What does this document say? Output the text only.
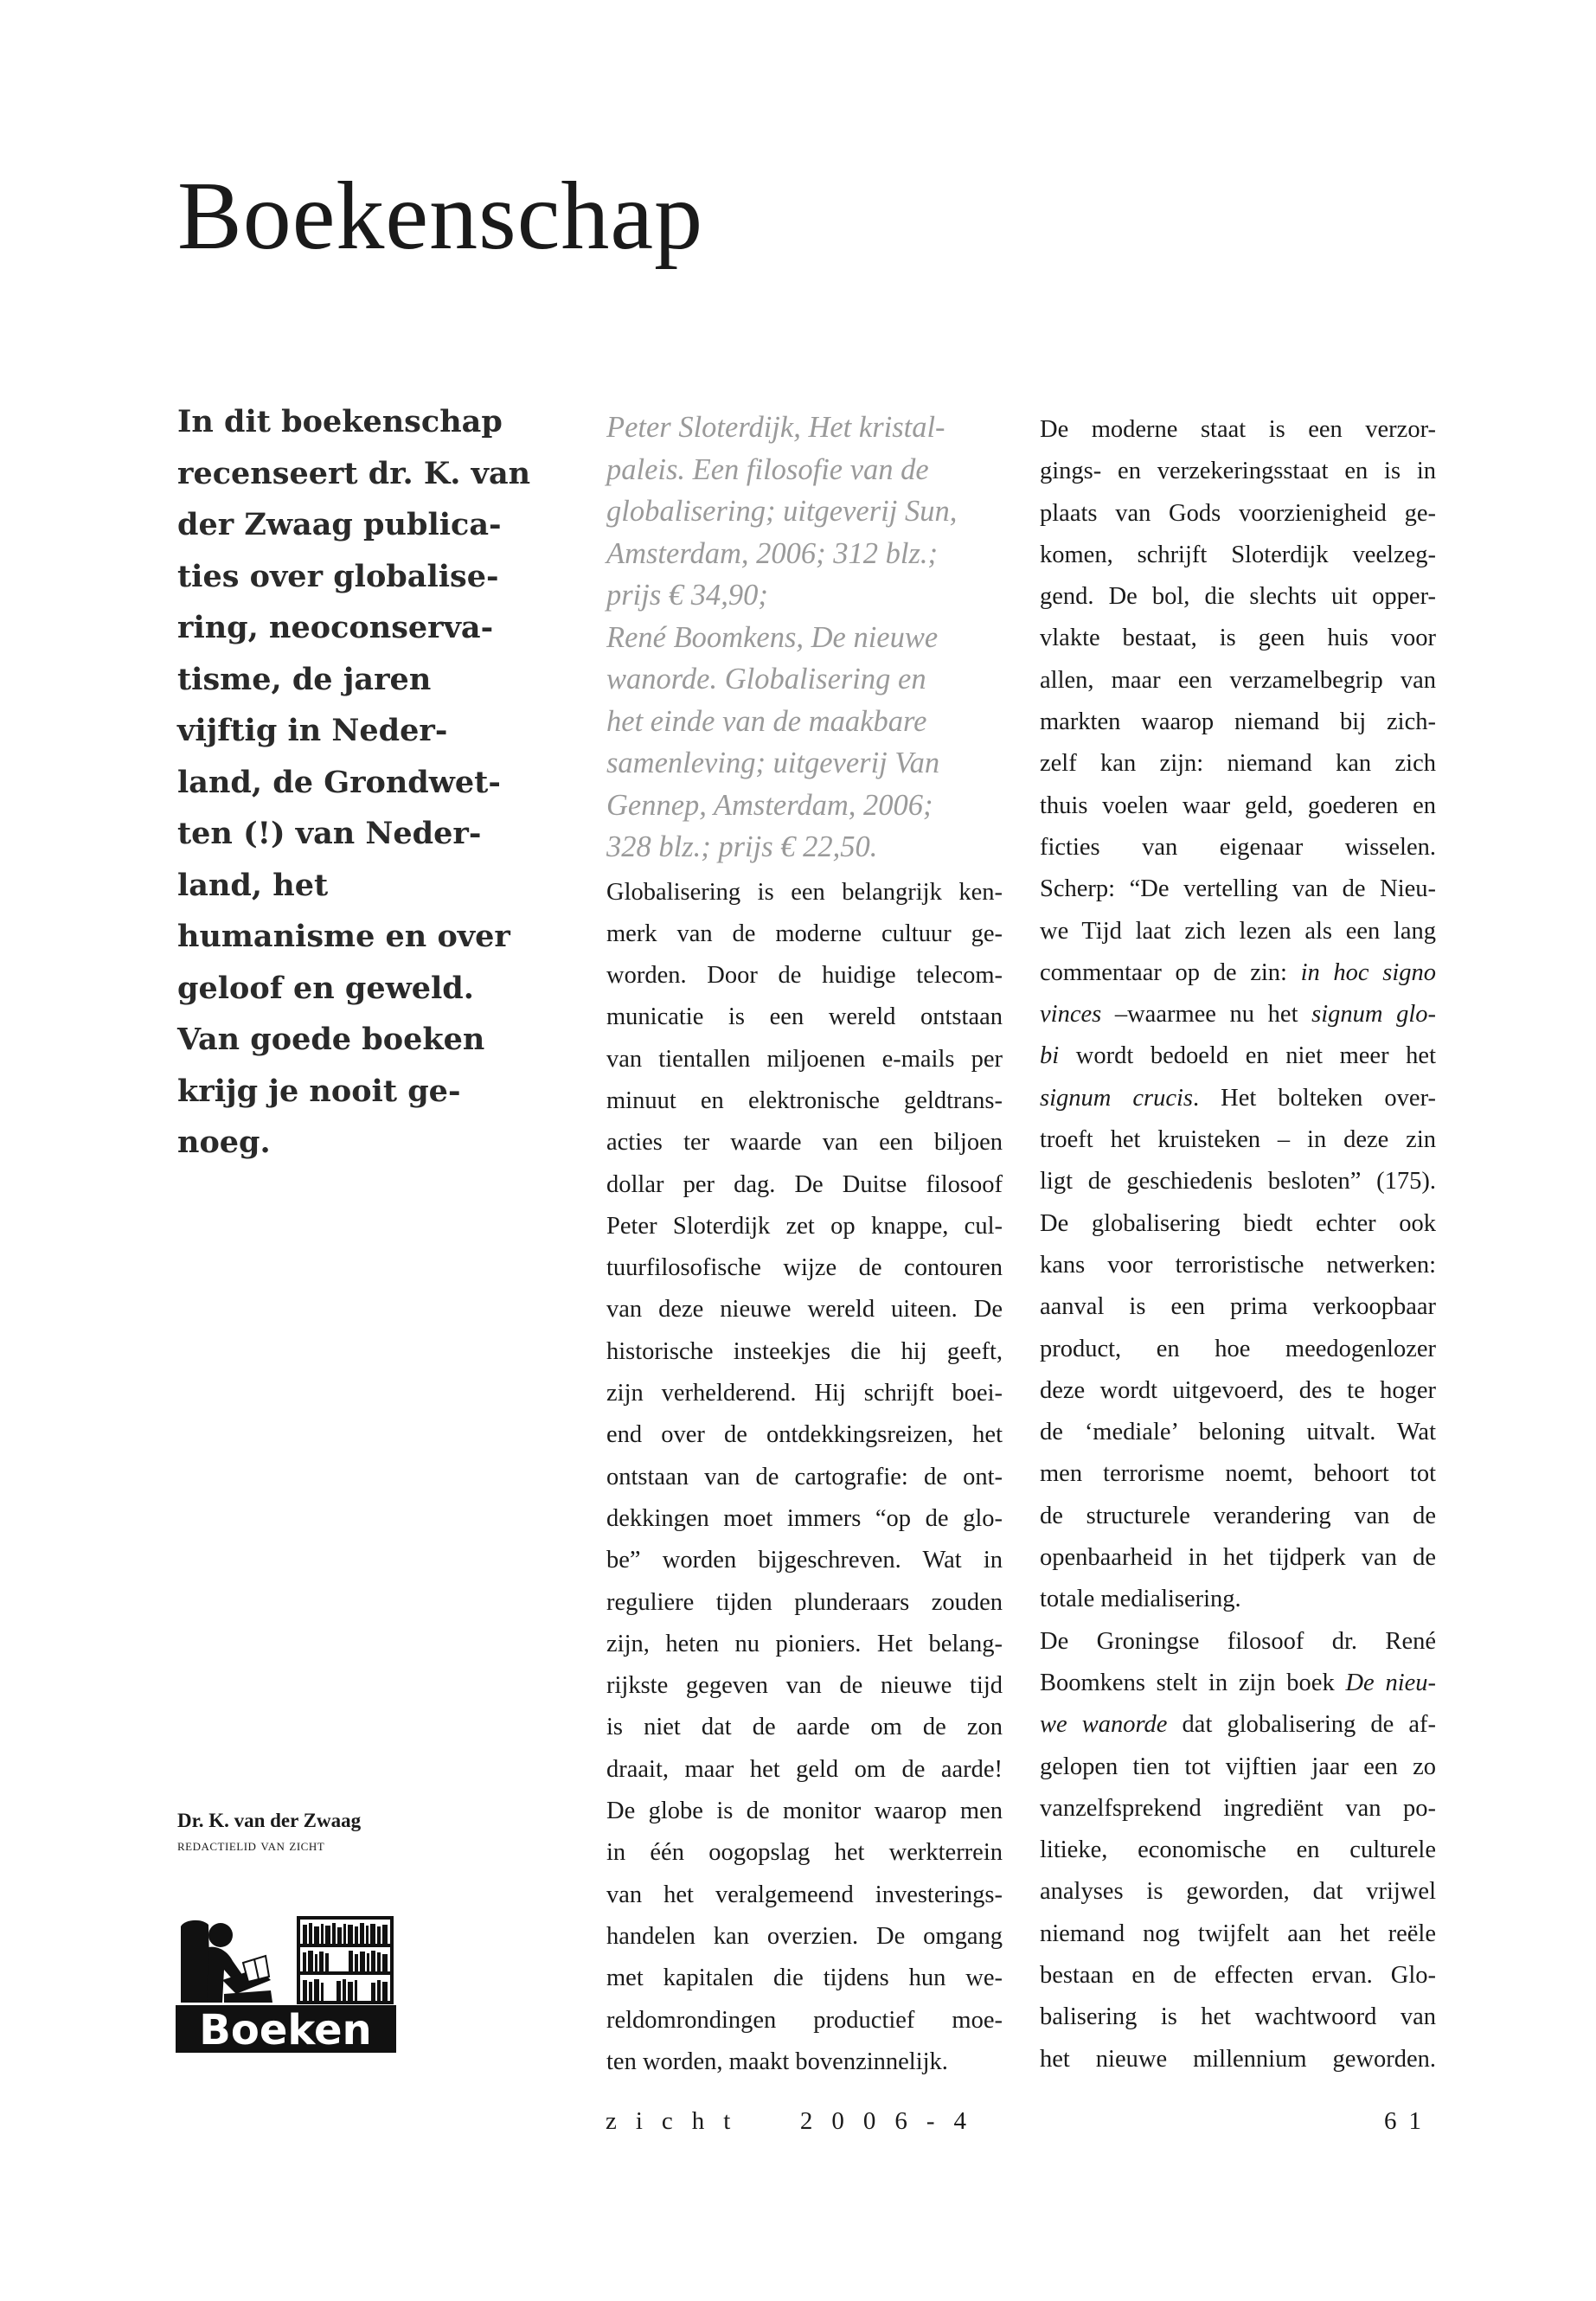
Boekenschap
In dit boekenschap
recenseert dr. K. van
der Zwaag publica-
ties over globalise-
ring, neoconserva-
tisme, de jaren
vijftig in Neder-
land, de Grondwet-
ten (!) van Neder-
land, het
humanisme en over
geloof en geweld.
Van goede boeken
krijg je nooit ge-
noeg.
Dr. K. van der Zwaag
redactielid van zicht
Boeken
Peter Sloterdijk, Het kristal-
paleis. Een filosofie van de
globalisering; uitgeverij Sun,
Amsterdam, 2006; 312 blz.;
prijs € 34,90;
René Boomkens, De nieuwe
wanorde. Globalisering en
het einde van de maakbare
samenleving; uitgeverij Van
Gennep, Amsterdam, 2006;
328 blz.; prijs € 22,50.
Globalisering is een belangrijk ken-
merk van de moderne cultuur ge-
worden. Door de huidige telecom-
municatie is een wereld ontstaan
van tientallen miljoenen e-mails per
minuut en elektronische geldtrans-
acties ter waarde van een biljoen
dollar per dag. De Duitse filosoof
Peter Sloterdijk zet op knappe, cul-
tuurfilosofische wijze de contouren
van deze nieuwe wereld uiteen. De
historische insteekjes die hij geeft,
zijn verhelderend. Hij schrijft boei-
end over de ontdekkingsreizen, het
ontstaan van de cartografie: de ont-
dekkingen moet immers “op de glo-
be” worden bijgeschreven. Wat in
reguliere tijden plunderaars zouden
zijn, heten nu pioniers. Het belang-
rijkste gegeven van de nieuwe tijd
is niet dat de aarde om de zon
draait, maar het geld om de aarde!
De globe is de monitor waarop men
in één oogopslag het werkterrein
van het veralgemeend investerings-
handelen kan overzien. De omgang
met kapitalen die tijdens hun we-
reldomrondingen productief moe-
ten worden, maakt bovenzinnelijk.
De moderne staat is een verzor-
gings- en verzekeringsstaat en is in
plaats van Gods voorzienigheid ge-
komen, schrijft Sloterdijk veelzeg-
gend. De bol, die slechts uit opper-
vlakte bestaat, is geen huis voor
allen, maar een verzamelbegrip van
markten waarop niemand bij zich-
zelf kan zijn: niemand kan zich
thuis voelen waar geld, goederen en
ficties van eigenaar wisselen.
Scherp: “De vertelling van de Nieu-
we Tijd laat zich lezen als een lang
commentaar op de zin: in hoc signo
vinces –waarmee nu het signum glo-
bi wordt bedoeld en niet meer het
signum crucis. Het bolteken over-
troeft het kruisteken – in deze zin
ligt de geschiedenis besloten” (175).
De globalisering biedt echter ook
kans voor terroristische netwerken:
aanval is een prima verkoopbaar
product, en hoe meedogenlozer
deze wordt uitgevoerd, des te hoger
de ‘mediale’ beloning uitvalt. Wat
men terrorisme noemt, behoort tot
de structurele verandering van de
openbaarheid in het tijdperk van de
totale medialisering.
De Groningse filosoof dr. René
Boomkens stelt in zijn boek De nieu-
we wanorde dat globalisering de af-
gelopen tien tot vijftien jaar een zo
vanzelfsprekend ingrediënt van po-
litieke, economische en culturele
analyses is geworden, dat vrijwel
niemand nog twijfelt aan het reële
bestaan en de effecten ervan. Glo-
balisering is het wachtwoord van
het nieuwe millennium geworden.
zicht 2006-4	61
